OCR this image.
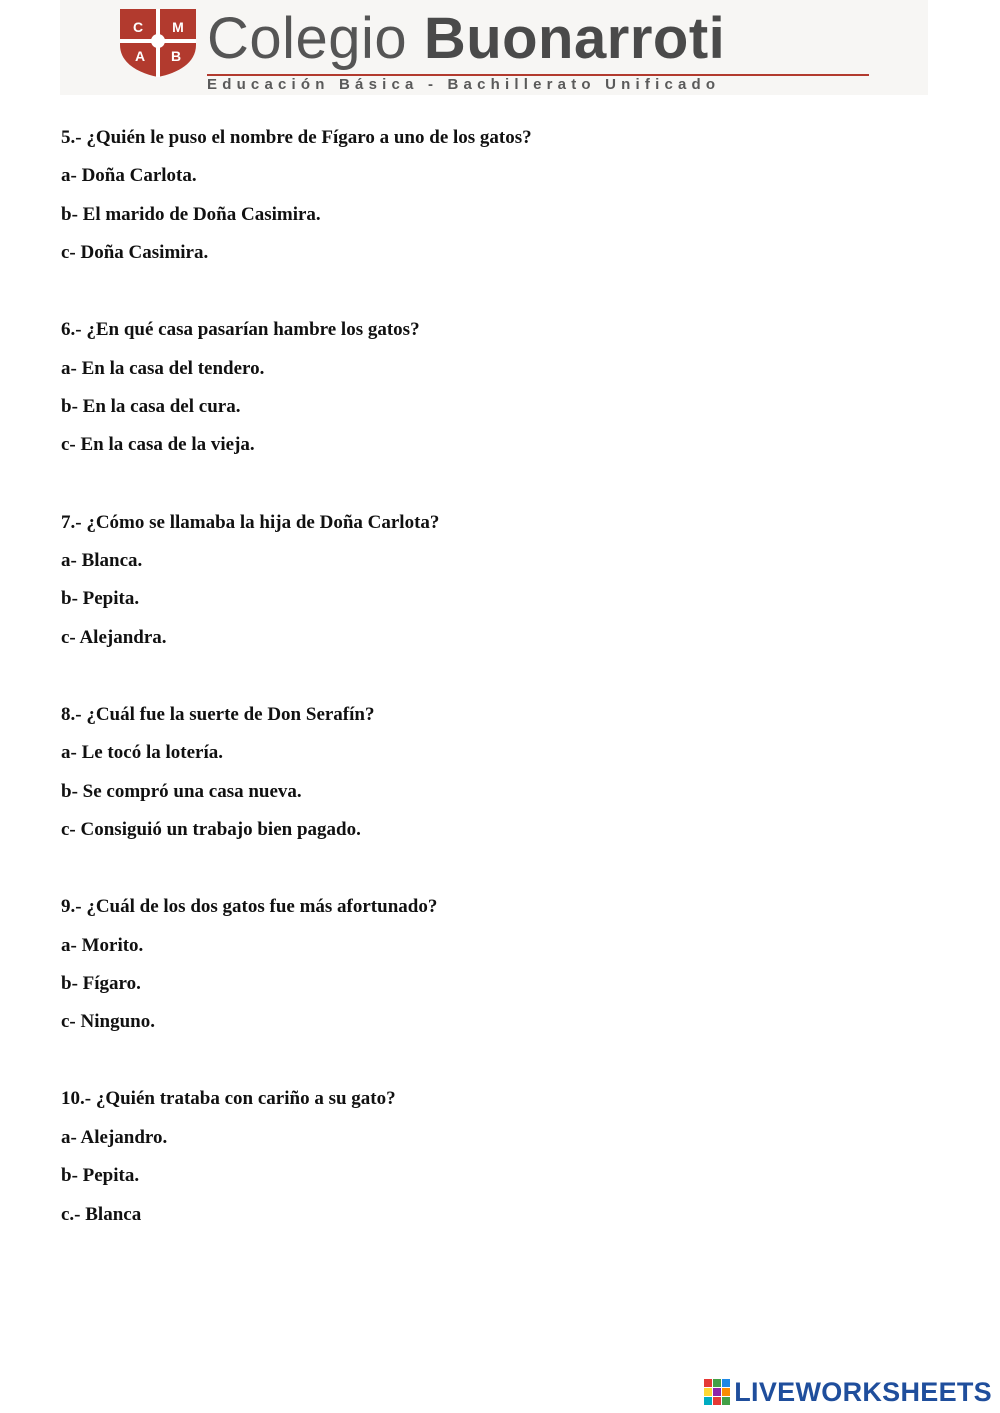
C M
A B Colegio Buonarroti
Educación Básica - Bachillerato Unificado
5.- ¿Quién le puso el nombre de Fígaro a uno de los gatos?
a- Doña Carlota.
b- El marido de Doña Casimira.
c- Doña Casimira.
6.- ¿En qué casa pasarían hambre los gatos?
a- En la casa del tendero.
b- En la casa del cura.
c- En la casa de la vieja.
7.- ¿Cómo se llamaba la hija de Doña Carlota?
a- Blanca.
b- Pepita.
c- Alejandra.
8.- ¿Cuál fue la suerte de Don Serafín?
a- Le tocó la lotería.
b- Se compró una casa nueva.
c- Consiguió un trabajo bien pagado.
9.- ¿Cuál de los dos gatos fue más afortunado?
a- Morito.
b- Fígaro.
c- Ninguno.
10.- ¿Quién trataba con cariño a su gato?
a- Alejandro.
b- Pepita.
c.- Blanca
LIVEWORKSHEETS
